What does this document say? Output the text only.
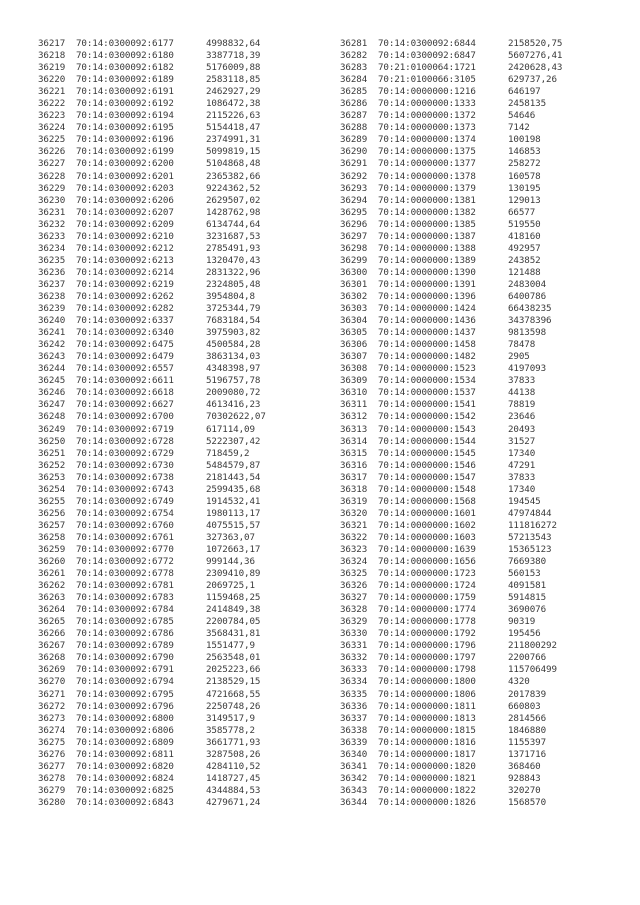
36217 70:14:0300092:6177	4998832,64
36218 70:14:0300092:6180	3387718,39
36219 70:14:0300092:6182	5176009,88
36220 70:14:0300092:6189	2583118,85
36221 70:14:0300092:6191	2462927,29
36222 70:14:0300092:6192	1086472,38
36223 70:14:0300092:6194	2115226,63
36224 70:14:0300092:6195	5154418,47
36225 70:14:0300092:6196	2374991,31
36226 70:14:0300092:6199	5099819,15
36227 70:14:0300092:6200	5104868,48
36228 70:14:0300092:6201	2365382,66
36229 70:14:0300092:6203	9224362,52
36230 70:14:0300092:6206	2629507,02
36231 70:14:0300092:6207	1428762,98
36232 70:14:0300092:6209	6134744,64
36233 70:14:0300092:6210	3231687,53
36234 70:14:0300092:6212	2785491,93
36235 70:14:0300092:6213	1320470,43
36236 70:14:0300092:6214	2831322,96
36237 70:14:0300092:6219	2324805,48
36238 70:14:0300092:6262	3954804,8
36239 70:14:0300092:6282	3725344,79
36240 70:14:0300092:6337	7683184,54
36241 70:14:0300092:6340	3975903,82
36242 70:14:0300092:6475	4500584,28
36243 70:14:0300092:6479	3863134,03
36244 70:14:0300092:6557	4348398,97
36245 70:14:0300092:6611	5196757,78
36246 70:14:0300092:6618	2009080,72
36247 70:14:0300092:6627	4613416,23
36248 70:14:0300092:6700	70302622,07
36249 70:14:0300092:6719	617114,09
36250 70:14:0300092:6728	5222307,42
36251 70:14:0300092:6729	718459,2
36252 70:14:0300092:6730	5484579,87
36253 70:14:0300092:6738	2181443,54
36254 70:14:0300092:6743	2599435,68
36255 70:14:0300092:6749	1914532,41
36256 70:14:0300092:6754	1980113,17
36257 70:14:0300092:6760	4075515,57
36258 70:14:0300092:6761	327363,07
36259 70:14:0300092:6770	1072663,17
36260 70:14:0300092:6772	999144,36
36261 70:14:0300092:6778	2309410,89
36262 70:14:0300092:6781	2069725,1
36263 70:14:0300092:6783	1159468,25
36264 70:14:0300092:6784	2414849,38
36265 70:14:0300092:6785	2200784,05
36266 70:14:0300092:6786	3568431,81
36267 70:14:0300092:6789	1551477,9
36268 70:14:0300092:6790	2563548,01
36269 70:14:0300092:6791	2025223,66
36270 70:14:0300092:6794	2138529,15
36271 70:14:0300092:6795	4721668,55
36272 70:14:0300092:6796	2250748,26
36273 70:14:0300092:6800	3149517,9
36274 70:14:0300092:6806	3585778,2
36275 70:14:0300092:6809	3661771,93
36276 70:14:0300092:6811	3287508,26
36277 70:14:0300092:6820	4284110,52
36278 70:14:0300092:6824	1418727,45
36279 70:14:0300092:6825	4344884,53
36280 70:14:0300092:6843	4279671,24
36281 70:14:0300092:6844	2158520,75
36282 70:14:0300092:6847	5607276,41
36283 70:21:0100064:1721	2420628,43
36284 70:21:0100066:3105	629737,26
36285 70:14:0000000:1216	646197
36286 70:14:0000000:1333	2458135
36287 70:14:0000000:1372	54646
36288 70:14:0000000:1373	7142
36289 70:14:0000000:1374	100198
36290 70:14:0000000:1375	146853
36291 70:14:0000000:1377	258272
36292 70:14:0000000:1378	160578
36293 70:14:0000000:1379	130195
36294 70:14:0000000:1381	129013
36295 70:14:0000000:1382	66577
36296 70:14:0000000:1385	519550
36297 70:14:0000000:1387	418160
36298 70:14:0000000:1388	492957
36299 70:14:0000000:1389	243852
36300 70:14:0000000:1390	121488
36301 70:14:0000000:1391	2483004
36302 70:14:0000000:1396	6400786
36303 70:14:0000000:1424	66438235
36304 70:14:0000000:1436	34378396
36305 70:14:0000000:1437	9813598
36306 70:14:0000000:1458	78478
36307 70:14:0000000:1482	2905
36308 70:14:0000000:1523	4197093
36309 70:14:0000000:1534	37833
36310 70:14:0000000:1537	44138
36311 70:14:0000000:1541	78819
36312 70:14:0000000:1542	23646
36313 70:14:0000000:1543	20493
36314 70:14:0000000:1544	31527
36315 70:14:0000000:1545	17340
36316 70:14:0000000:1546	47291
36317 70:14:0000000:1547	37833
36318 70:14:0000000:1548	17340
36319 70:14:0000000:1568	194545
36320 70:14:0000000:1601	47974844
36321 70:14:0000000:1602	111816272
36322 70:14:0000000:1603	57213543
36323 70:14:0000000:1639	15365123
36324 70:14:0000000:1656	7669380
36325 70:14:0000000:1723	560153
36326 70:14:0000000:1724	4091581
36327 70:14:0000000:1759	5914815
36328 70:14:0000000:1774	3690076
36329 70:14:0000000:1778	90319
36330 70:14:0000000:1792	195456
36331 70:14:0000000:1796	211800292
36332 70:14:0000000:1797	2200766
36333 70:14:0000000:1798	115706499
36334 70:14:0000000:1800	4320
36335 70:14:0000000:1806	2017839
36336 70:14:0000000:1811	660803
36337 70:14:0000000:1813	2814566
36338 70:14:0000000:1815	1846880
36339 70:14:0000000:1816	1155397
36340 70:14:0000000:1817	1371716
36341 70:14:0000000:1820	368460
36342 70:14:0000000:1821	928843
36343 70:14:0000000:1822	320270
36344 70:14:0000000:1826	1568570
